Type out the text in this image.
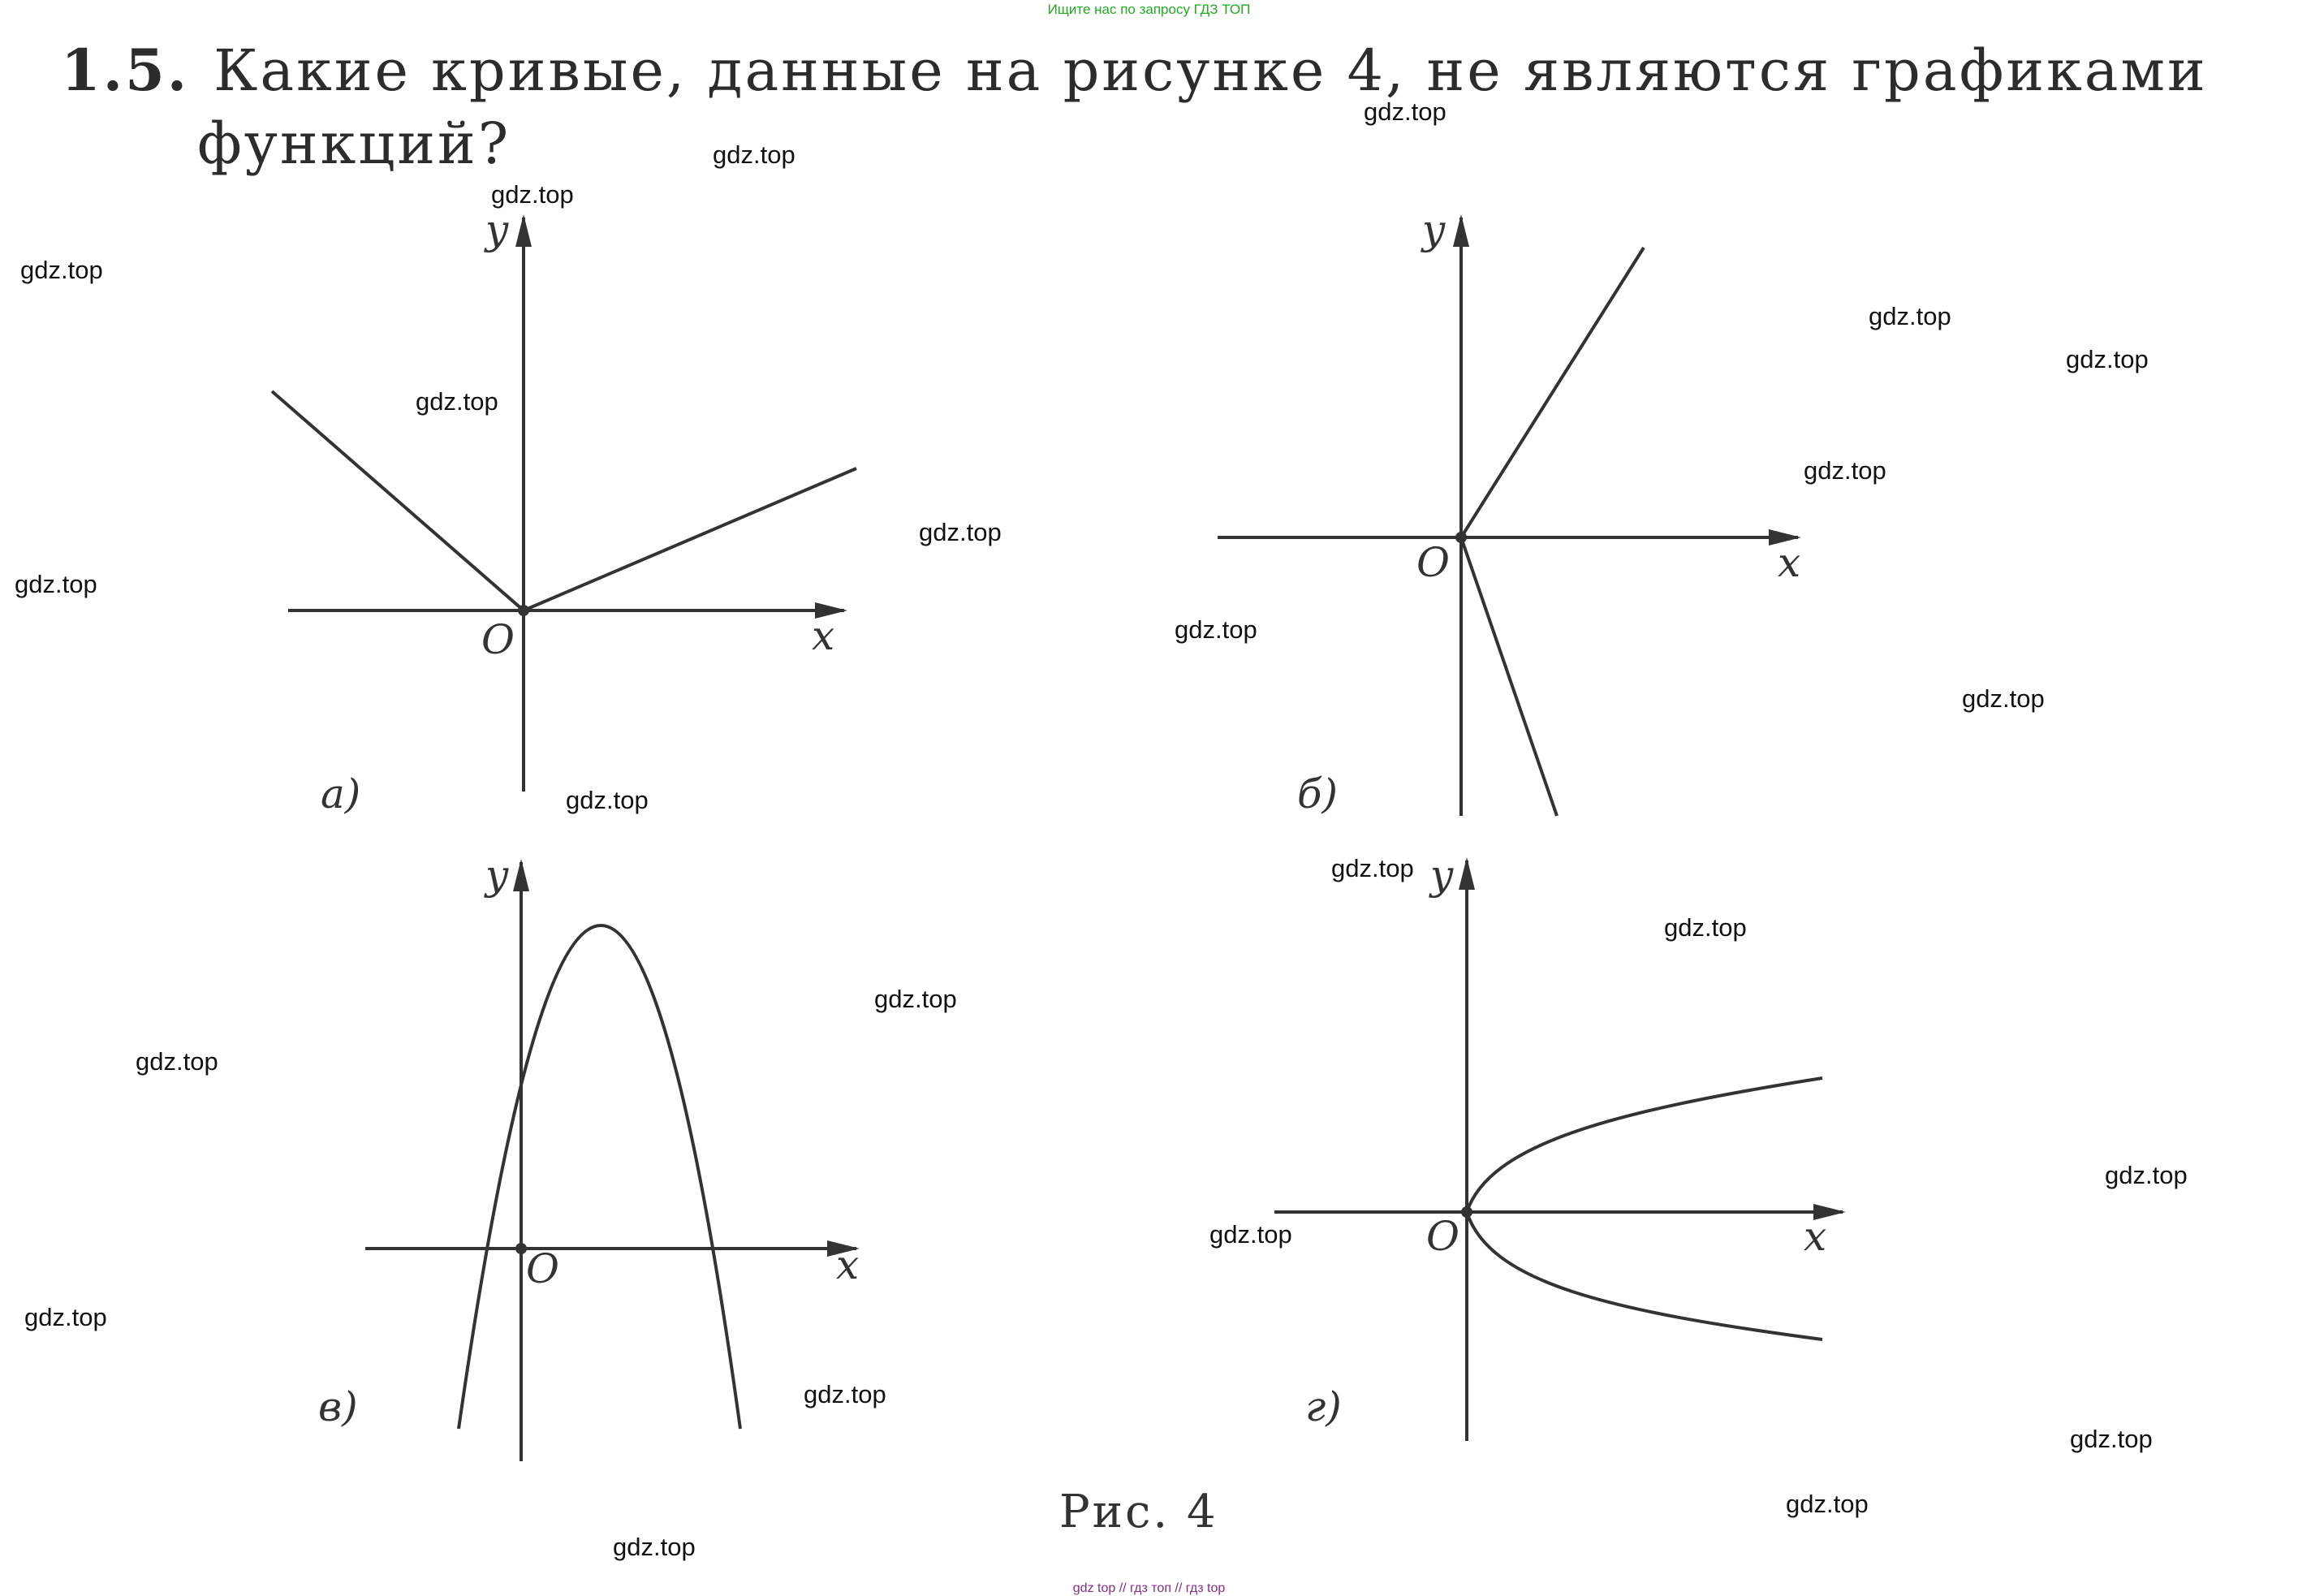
Ищите нас по запросу ГДЗ ТОП
1.5. Какие кривые, данные на рисунке 4, не являются графиками
функций?
y
x
O
а)
y
x
O
б)
y
x
O
в)
y
x
O
г)
Рис. 4
gdz.top
gdz.top
gdz.top
gdz.top
gdz.top
gdz.top
gdz.top
gdz.top
gdz.top
gdz.top
gdz.top
gdz.top
gdz.top
gdz.top
gdz.top
gdz.top
gdz.top
gdz.top
gdz.top
gdz.top
gdz.top
gdz.top
gdz.top
gdz.top
gdz top // гдз топ // гдз top
